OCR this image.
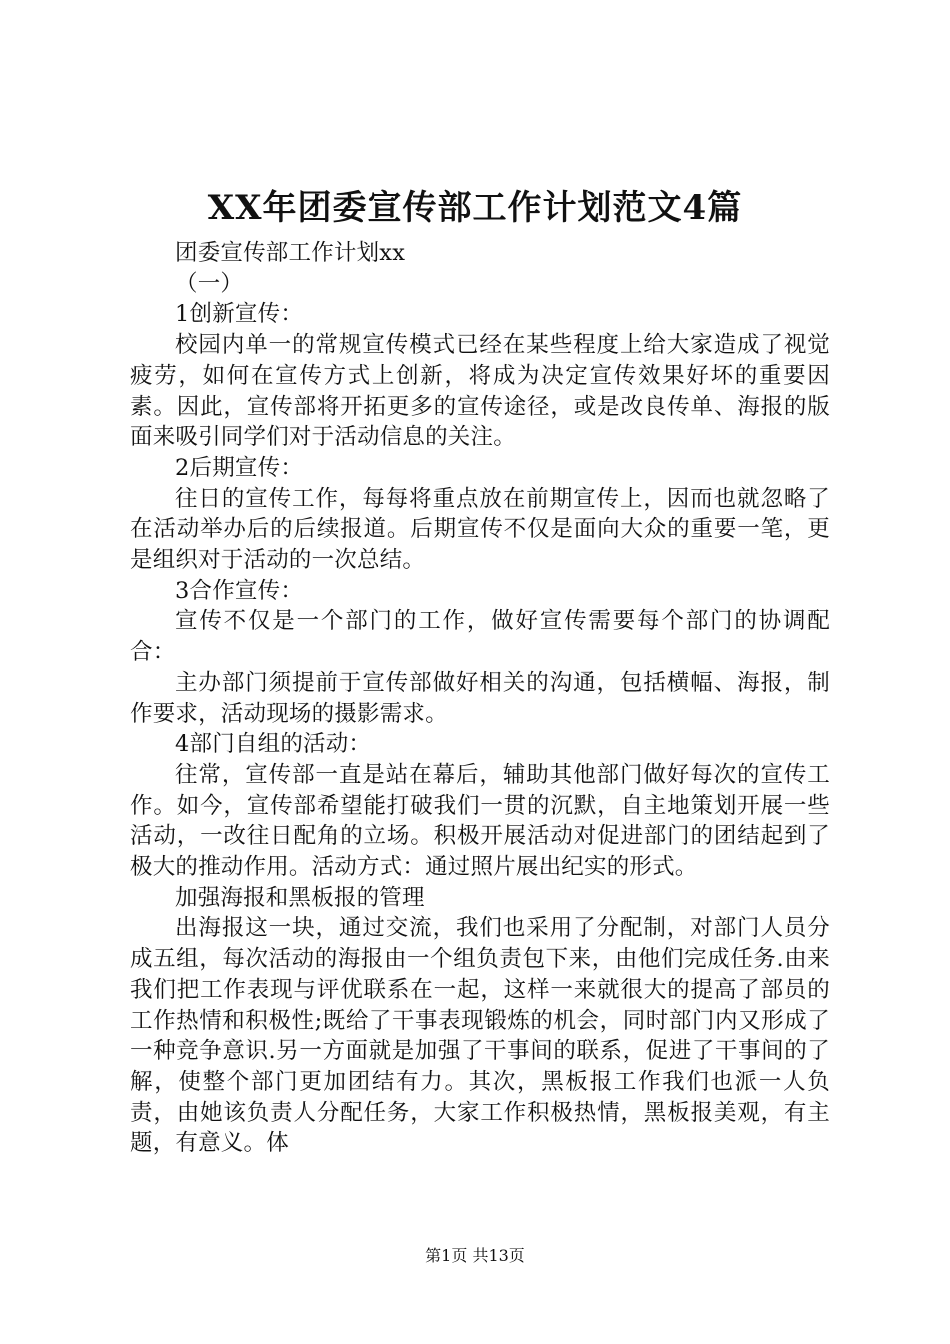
XX年团委宣传部工作计划范文4篇

团委宣传部工作计划xx

（一）

1创新宣传：

校园内单一的常规宣传模式已经在某些程度上给大家造成了视觉疲劳，如何在宣传方式上创新，将成为决定宣传效果好坏的重要因素。因此，宣传部将开拓更多的宣传途径，或是改良传单、海报的版面来吸引同学们对于活动信息的关注。

2后期宣传：

往日的宣传工作，每每将重点放在前期宣传上，因而也就忽略了在活动举办后的后续报道。后期宣传不仅是面向大众的重要一笔，更是组织对于活动的一次总结。

3合作宣传：

宣传不仅是一个部门的工作，做好宣传需要每个部门的协调配合：

主办部门须提前于宣传部做好相关的沟通，包括横幅、海报，制作要求，活动现场的摄影需求。

4部门自组的活动：

往常，宣传部一直是站在幕后，辅助其他部门做好每次的宣传工作。如今，宣传部希望能打破我们一贯的沉默，自主地策划开展一些活动，一改往日配角的立场。积极开展活动对促进部门的团结起到了极大的推动作用。活动方式：通过照片展出纪实的形式。

加强海报和黑板报的管理

出海报这一块，通过交流，我们也采用了分配制，对部门人员分成五组，每次活动的海报由一个组负责包下来，由他们完成任务.由来我们把工作表现与评优联系在一起，这样一来就很大的提高了部员的工作热情和积极性;既给了干事表现锻炼的机会，同时部门内又形成了一种竞争意识.另一方面就是加强了干事间的联系，促进了干事间的了解，使整个部门更加团结有力。其次，黑板报工作我们也派一人负责，由她该负责人分配任务，大家工作积极热情，黑板报美观，有主题，有意义。体

第1页 共13页
